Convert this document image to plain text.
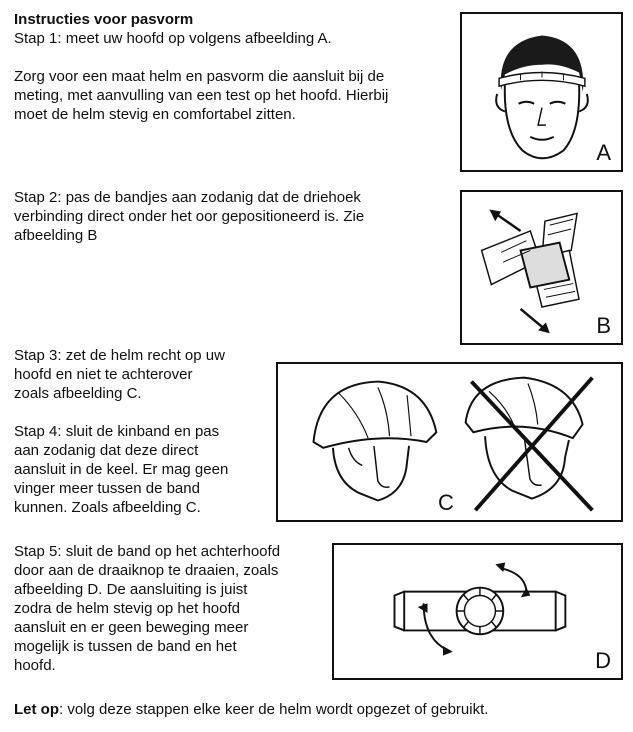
Instructies voor pasvorm

Stap 1: meet uw hoofd op volgens afbeelding A.

Zorg voor een maat helm en pasvorm die aansluit bij de

meting, met aanvulling van een test op het hoofd. Hierbij

moet de helm stevig en comfortabel zitten.

Stap 2: pas de bandjes aan zodanig dat de driehoek

verbinding direct onder het oor gepositioneerd is. Zie

afbeelding B

Stap 3: zet de helm recht op uw

hoofd en niet te achterover

zoals afbeelding C.

Stap 4: sluit de kinband en pas

aan zodanig dat deze direct

aansluit in de keel. Er mag geen

vinger meer tussen de band

kunnen. Zoals afbeelding C.

Stap 5: sluit de band op het achterhoofd

door aan de draaiknop te draaien, zoals

afbeelding D. De aansluiting is juist

zodra de helm stevig op het hoofd

aansluit en er geen beweging meer

mogelijk is tussen de band en het

hoofd.

Let op: volg deze stappen elke keer de helm wordt opgezet of gebruikt.
A
B
C
D
